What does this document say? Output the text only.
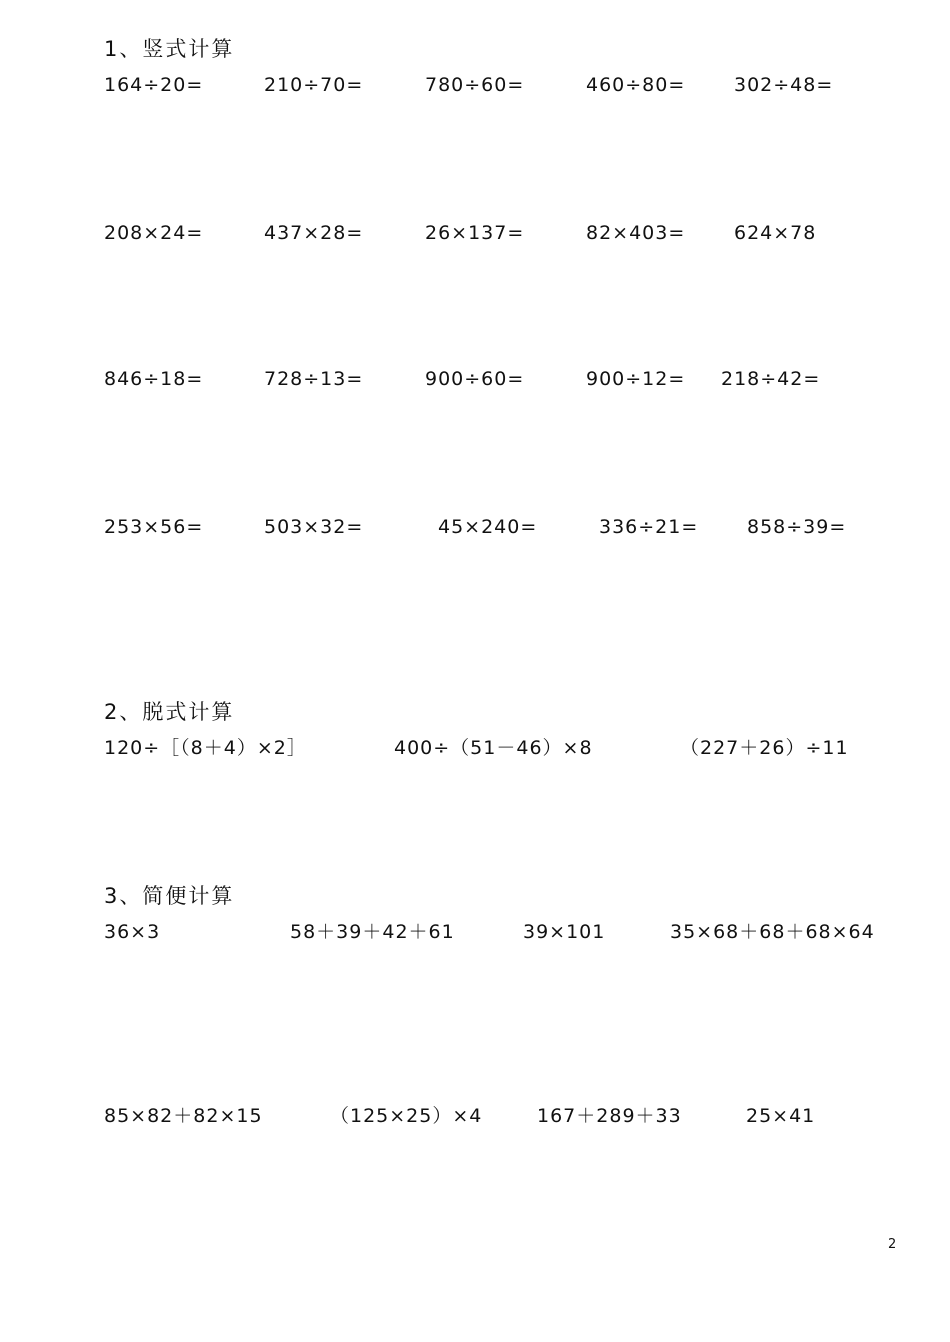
1、竖式计算
164÷20=	210÷70=	780÷60=	460÷80=	302÷48=
208×24=	437×28=	26×137=	82×403=	624×78
846÷18=	728÷13=	900÷60=	900÷12= 218÷42=
253×56=	503×32=	45×240=	336÷21=	858÷39=
2、脱式计算
120÷［（8＋4）×2］	400÷（51－46）×8	（227＋26）÷11
3、简便计算
36×3	58＋39＋42＋61	39×101	35×68＋68＋68×64
85×82＋82×15	（125×25）×4	167＋289＋33	25×41
2
